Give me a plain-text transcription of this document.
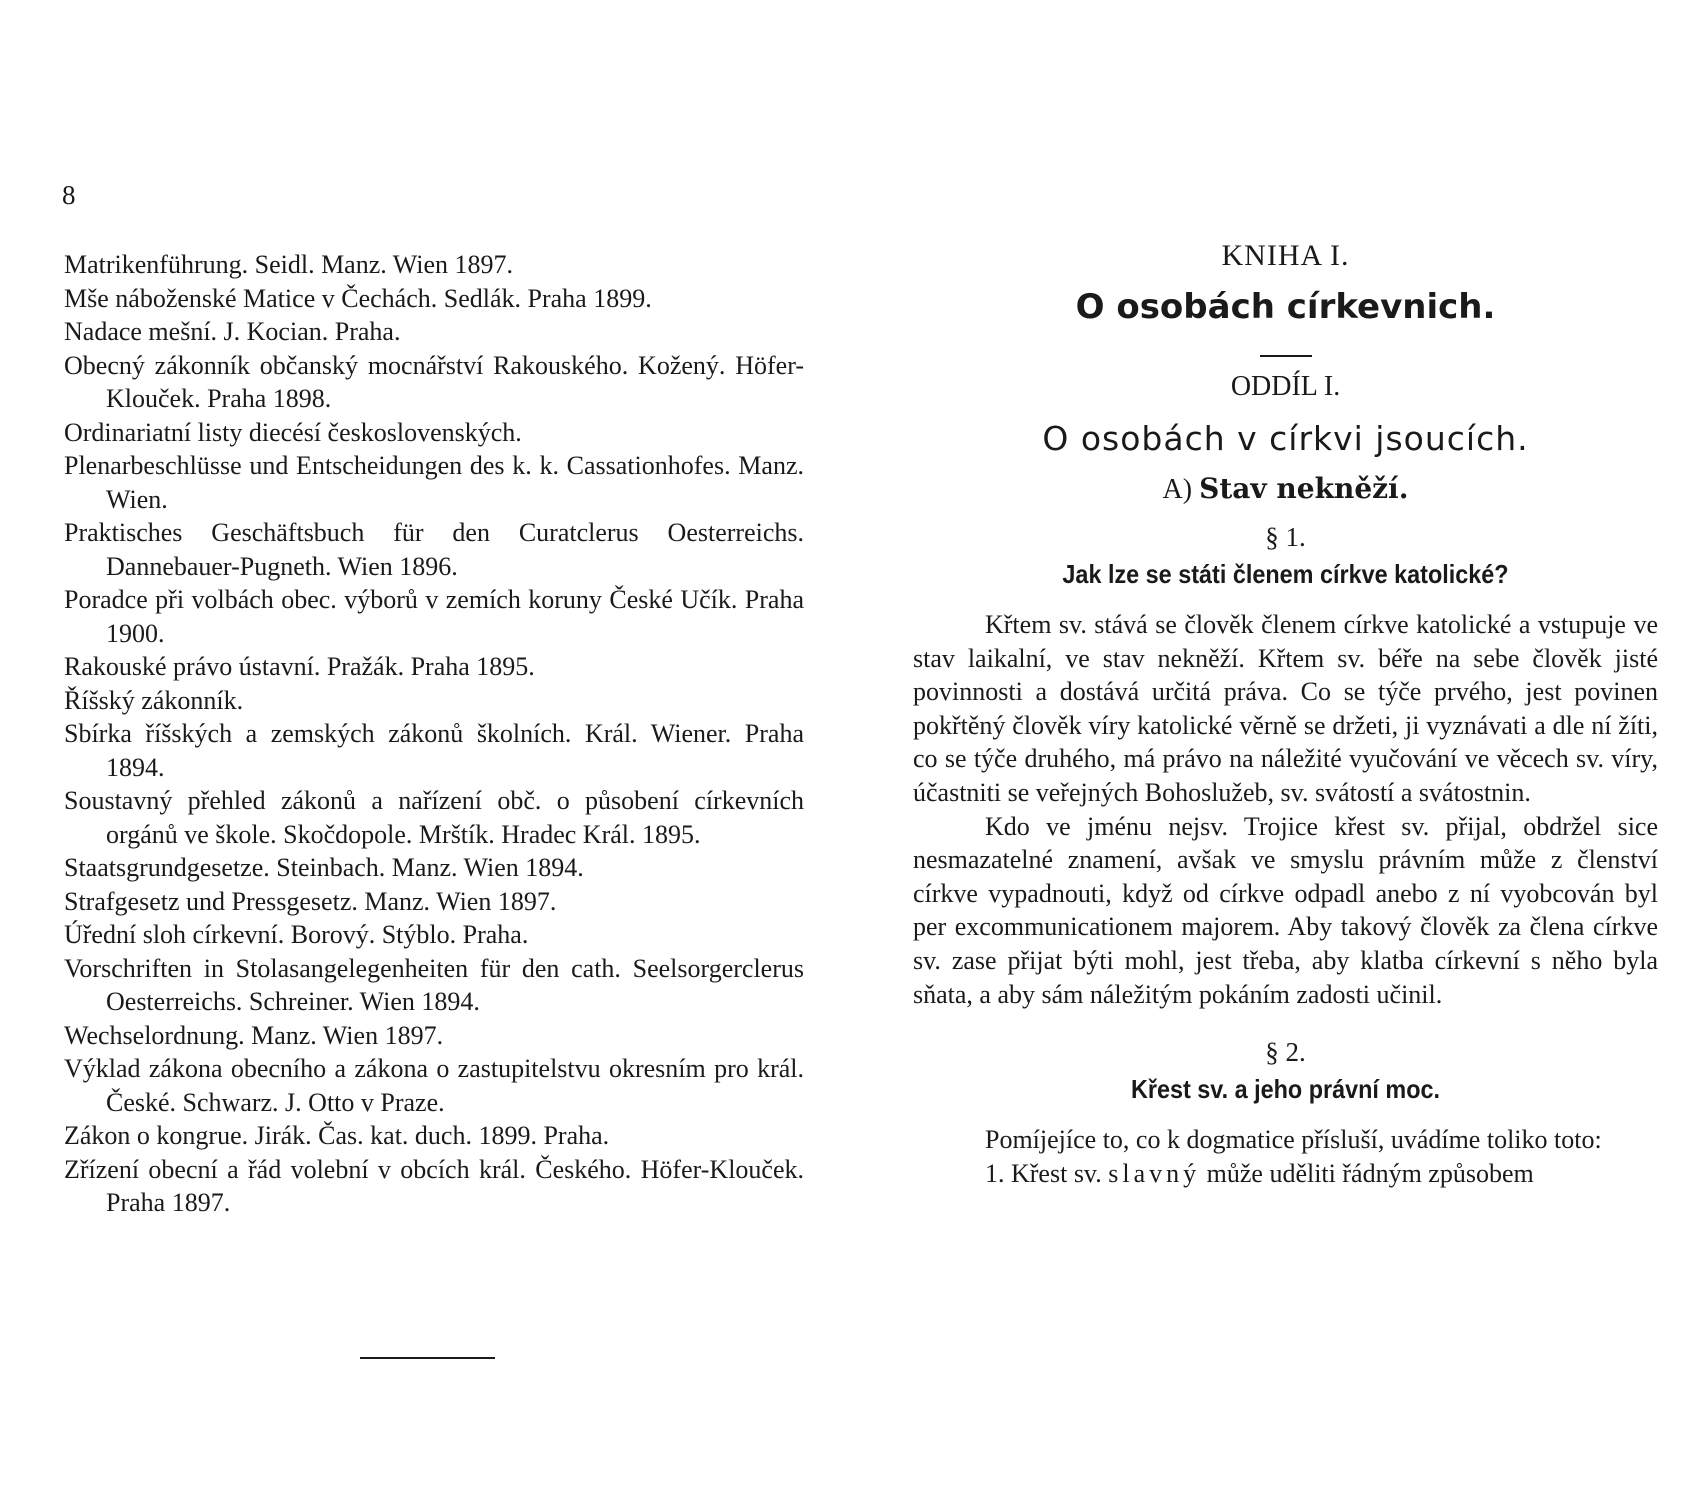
8
Matrikenführung. Seidl. Manz. Wien 1897.
Mše náboženské Matice v Čechách. Sedlák. Praha 1899.
Nadace mešní. J. Kocian. Praha.
Obecný zákonník občanský mocnářství Rakouského. Kožený. Höfer-Klouček. Praha 1898.
Ordinariatní listy diecésí československých.
Plenarbeschlüsse und Entscheidungen des k. k. Cassationhofes. Manz. Wien.
Praktisches Geschäftsbuch für den Curatclerus Oesterreichs. Dannebauer-Pugneth. Wien 1896.
Poradce při volbách obec. výborů v zemích koruny České Učík. Praha 1900.
Rakouské právo ústavní. Pražák. Praha 1895.
Říšský zákonník.
Sbírka říšských a zemských zákonů školních. Král. Wiener. Praha 1894.
Soustavný přehled zákonů a nařízení obč. o působení církevních orgánů ve škole. Skočdopole. Mrštík. Hradec Král. 1895.
Staatsgrundgesetze. Steinbach. Manz. Wien 1894.
Strafgesetz und Pressgesetz. Manz. Wien 1897.
Úřední sloh církevní. Borový. Stýblo. Praha.
Vorschriften in Stolasangelegenheiten für den cath. Seelsorgerclerus Oesterreichs. Schreiner. Wien 1894.
Wechselordnung. Manz. Wien 1897.
Výklad zákona obecního a zákona o zastupitelstvu okresním pro král. České. Schwarz. J. Otto v Praze.
Zákon o kongrue. Jirák. Čas. kat. duch. 1899. Praha.
Zřízení obecní a řád volební v obcích král. Českého. Höfer-Klouček. Praha 1897.
KNIHA I.
O osobách církevnich.
ODDÍL I.
O osobách v církvi jsoucích.
A) Stav nekněží.
§ 1.
Jak lze se státi členem církve katolické?

Křtem sv. stává se člověk členem církve katolické a vstupuje ve stav laikalní, ve stav nekněží. Křtem sv. béře na sebe člověk jisté povinnosti a dostává určitá práva. Co se týče prvého, jest povinen pokřtěný člověk víry katolické věrně se držeti, ji vyznávati a dle ní žíti, co se týče druhého, má právo na náležité vyučování ve věcech sv. víry, účastniti se veřejných Bohoslužeb, sv. svátostí a svátostnin.

Kdo ve jménu nejsv. Trojice křest sv. přijal, obdržel sice nesmazatelné znamení, avšak ve smyslu právním může z členství církve vypadnouti, když od církve odpadl anebo z ní vyobcován byl per excommunicationem majorem. Aby takový člověk za člena církve sv. zase přijat býti mohl, jest třeba, aby klatba církevní s něho byla sňata, a aby sám náležitým pokáním zadosti učinil.

§ 2.
Křest sv. a jeho právní moc.

Pomíjejíce to, co k dogmatice přísluší, uvádíme toliko toto:

1. Křest sv. slavný může uděliti řádným způsobem
